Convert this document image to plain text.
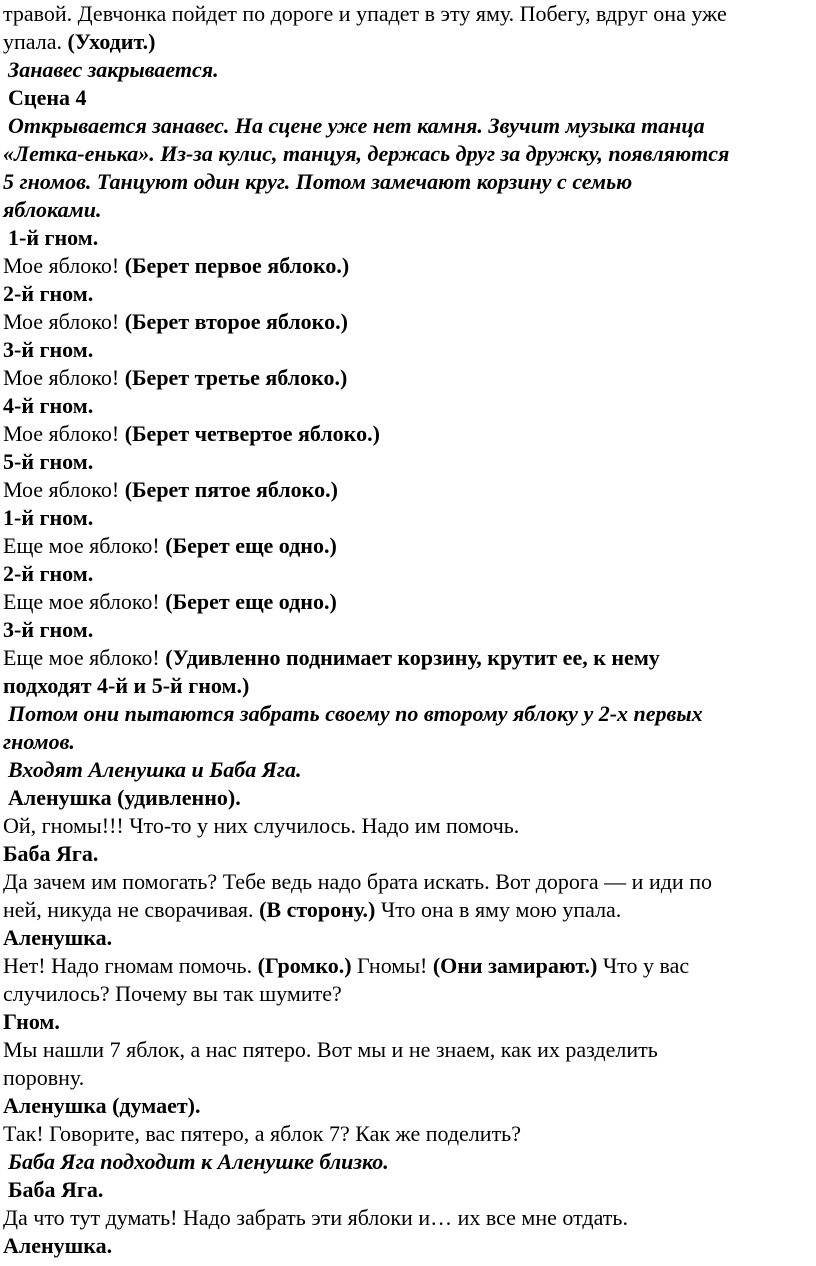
травой. Девчонка пойдет по дороге и упадет в эту яму. Побегу, вдруг она уже
упала. (Уходит.)
Занавес закрывается.
Сцена 4
Открывается занавес. На сцене уже нет камня. Звучит музыка танца
«Летка-енька». Из-за кулис, танцуя, держась друг за дружку, появляются
5 гномов. Танцуют один круг. Потом замечают корзину с семью
яблоками.
1-й гном.
Мое яблоко! (Берет первое яблоко.)
2-й гном.
Мое яблоко! (Берет второе яблоко.)
3-й гном.
Мое яблоко! (Берет третье яблоко.)
4-й гном.
Мое яблоко! (Берет четвертое яблоко.)
5-й гном.
Мое яблоко! (Берет пятое яблоко.)
1-й гном.
Еще мое яблоко! (Берет еще одно.)
2-й гном.
Еще мое яблоко! (Берет еще одно.)
3-й гном.
Еще мое яблоко! (Удивленно поднимает корзину, крутит ее, к нему
подходят 4-й и 5-й гном.)
Потом они пытаются забрать своему по второму яблоку у 2-х первых
гномов.
Входят Аленушка и Баба Яга.
Аленушка (удивленно).
Ой, гномы!!! Что-то у них случилось. Надо им помочь.
Баба Яга.
Да зачем им помогать? Тебе ведь надо брата искать. Вот дорога — и иди по
ней, никуда не сворачивая. (В сторону.) Что она в яму мою упала.
Аленушка.
Нет! Надо гномам помочь. (Громко.) Гномы! (Они замирают.) Что у вас
случилось? Почему вы так шумите?
Гном.
Мы нашли 7 яблок, а нас пятеро. Вот мы и не знаем, как их разделить
поровну.
Аленушка (думает).
Так! Говорите, вас пятеро, а яблок 7? Как же поделить?
Баба Яга подходит к Аленушке близко.
Баба Яга.
Да что тут думать! Надо забрать эти яблоки и… их все мне отдать.
Аленушка.
